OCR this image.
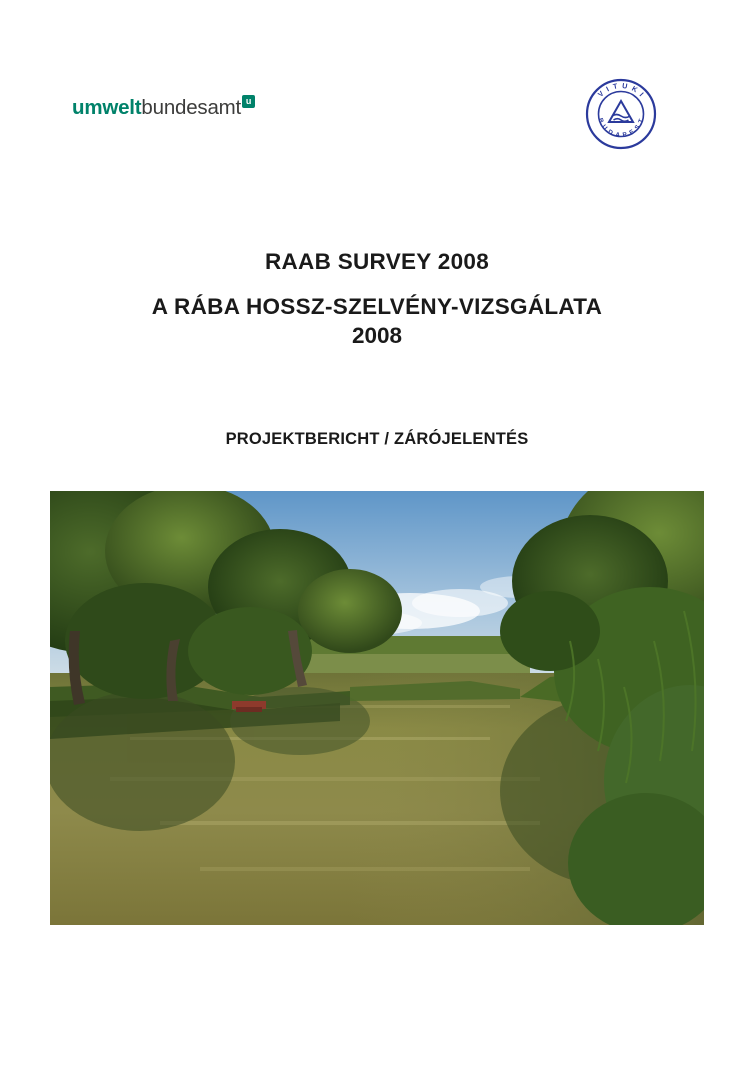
umweltbundesamt u
V I T U K I
B U D A P E S T
RAAB SURVEY 2008
A RÁBA HOSSZ-SZELVÉNY-VIZSGÁLATA
2008
PROJEKTBERICHT / ZÁRÓJELENTÉS
